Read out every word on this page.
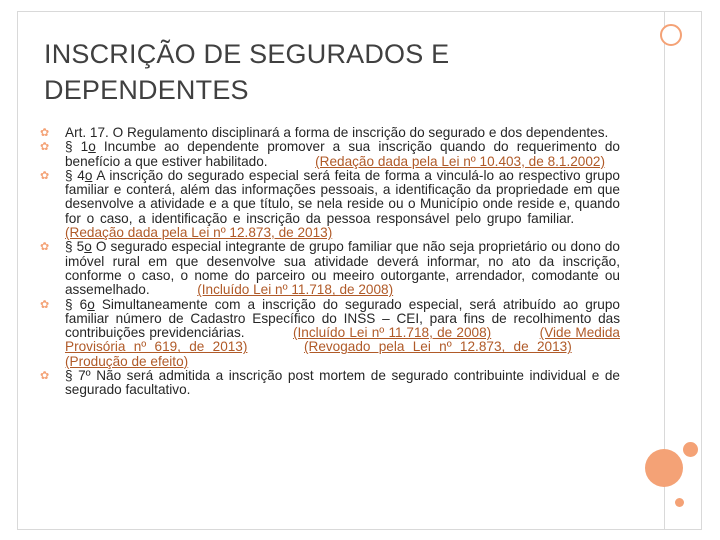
INSCRIÇÃO DE SEGURADOS E DEPENDENTES
✿	Art. 17. O Regulamento disciplinará a forma de inscrição do segurado e dos dependentes.
✿	§ 1o Incumbe ao dependente promover a sua inscrição quando do requerimento do benefício a que estiver habilitado.	(Redação dada pela Lei nº 10.403, de 8.1.2002)
✿	§ 4o A inscrição do segurado especial será feita de forma a vinculá-lo ao respectivo grupo familiar e conterá, além das informações pessoais, a identificação da propriedade em que desenvolve a atividade e a que título, se nela reside ou o Município onde reside e, quando for o caso, a identificação e inscrição da pessoa responsável pelo grupo familiar.  (Redação dada pela Lei nº 12.873, de 2013)
✿	§ 5o O segurado especial integrante de grupo familiar que não seja proprietário ou dono do imóvel rural em que desenvolve sua atividade deverá informar, no ato da inscrição, conforme o caso, o nome do parceiro ou meeiro outorgante, arrendador, comodante ou assemelhado.	(Incluído Lei nº 11.718, de 2008)
✿	§ 6o Simultaneamente com a inscrição do segurado especial, será atribuído ao grupo familiar número de Cadastro Específico do INSS – CEI, para fins de recolhimento das contribuições previdenciárias.	(Incluído Lei nº 11.718, de 2008)	(Vide Medida Provisória nº 619, de 2013)	(Revogado pela Lei nº 12.873, de 2013)  (Produção de efeito)
✿	§ 7º Não será admitida a inscrição post mortem de segurado contribuinte individual e de segurado facultativo.
